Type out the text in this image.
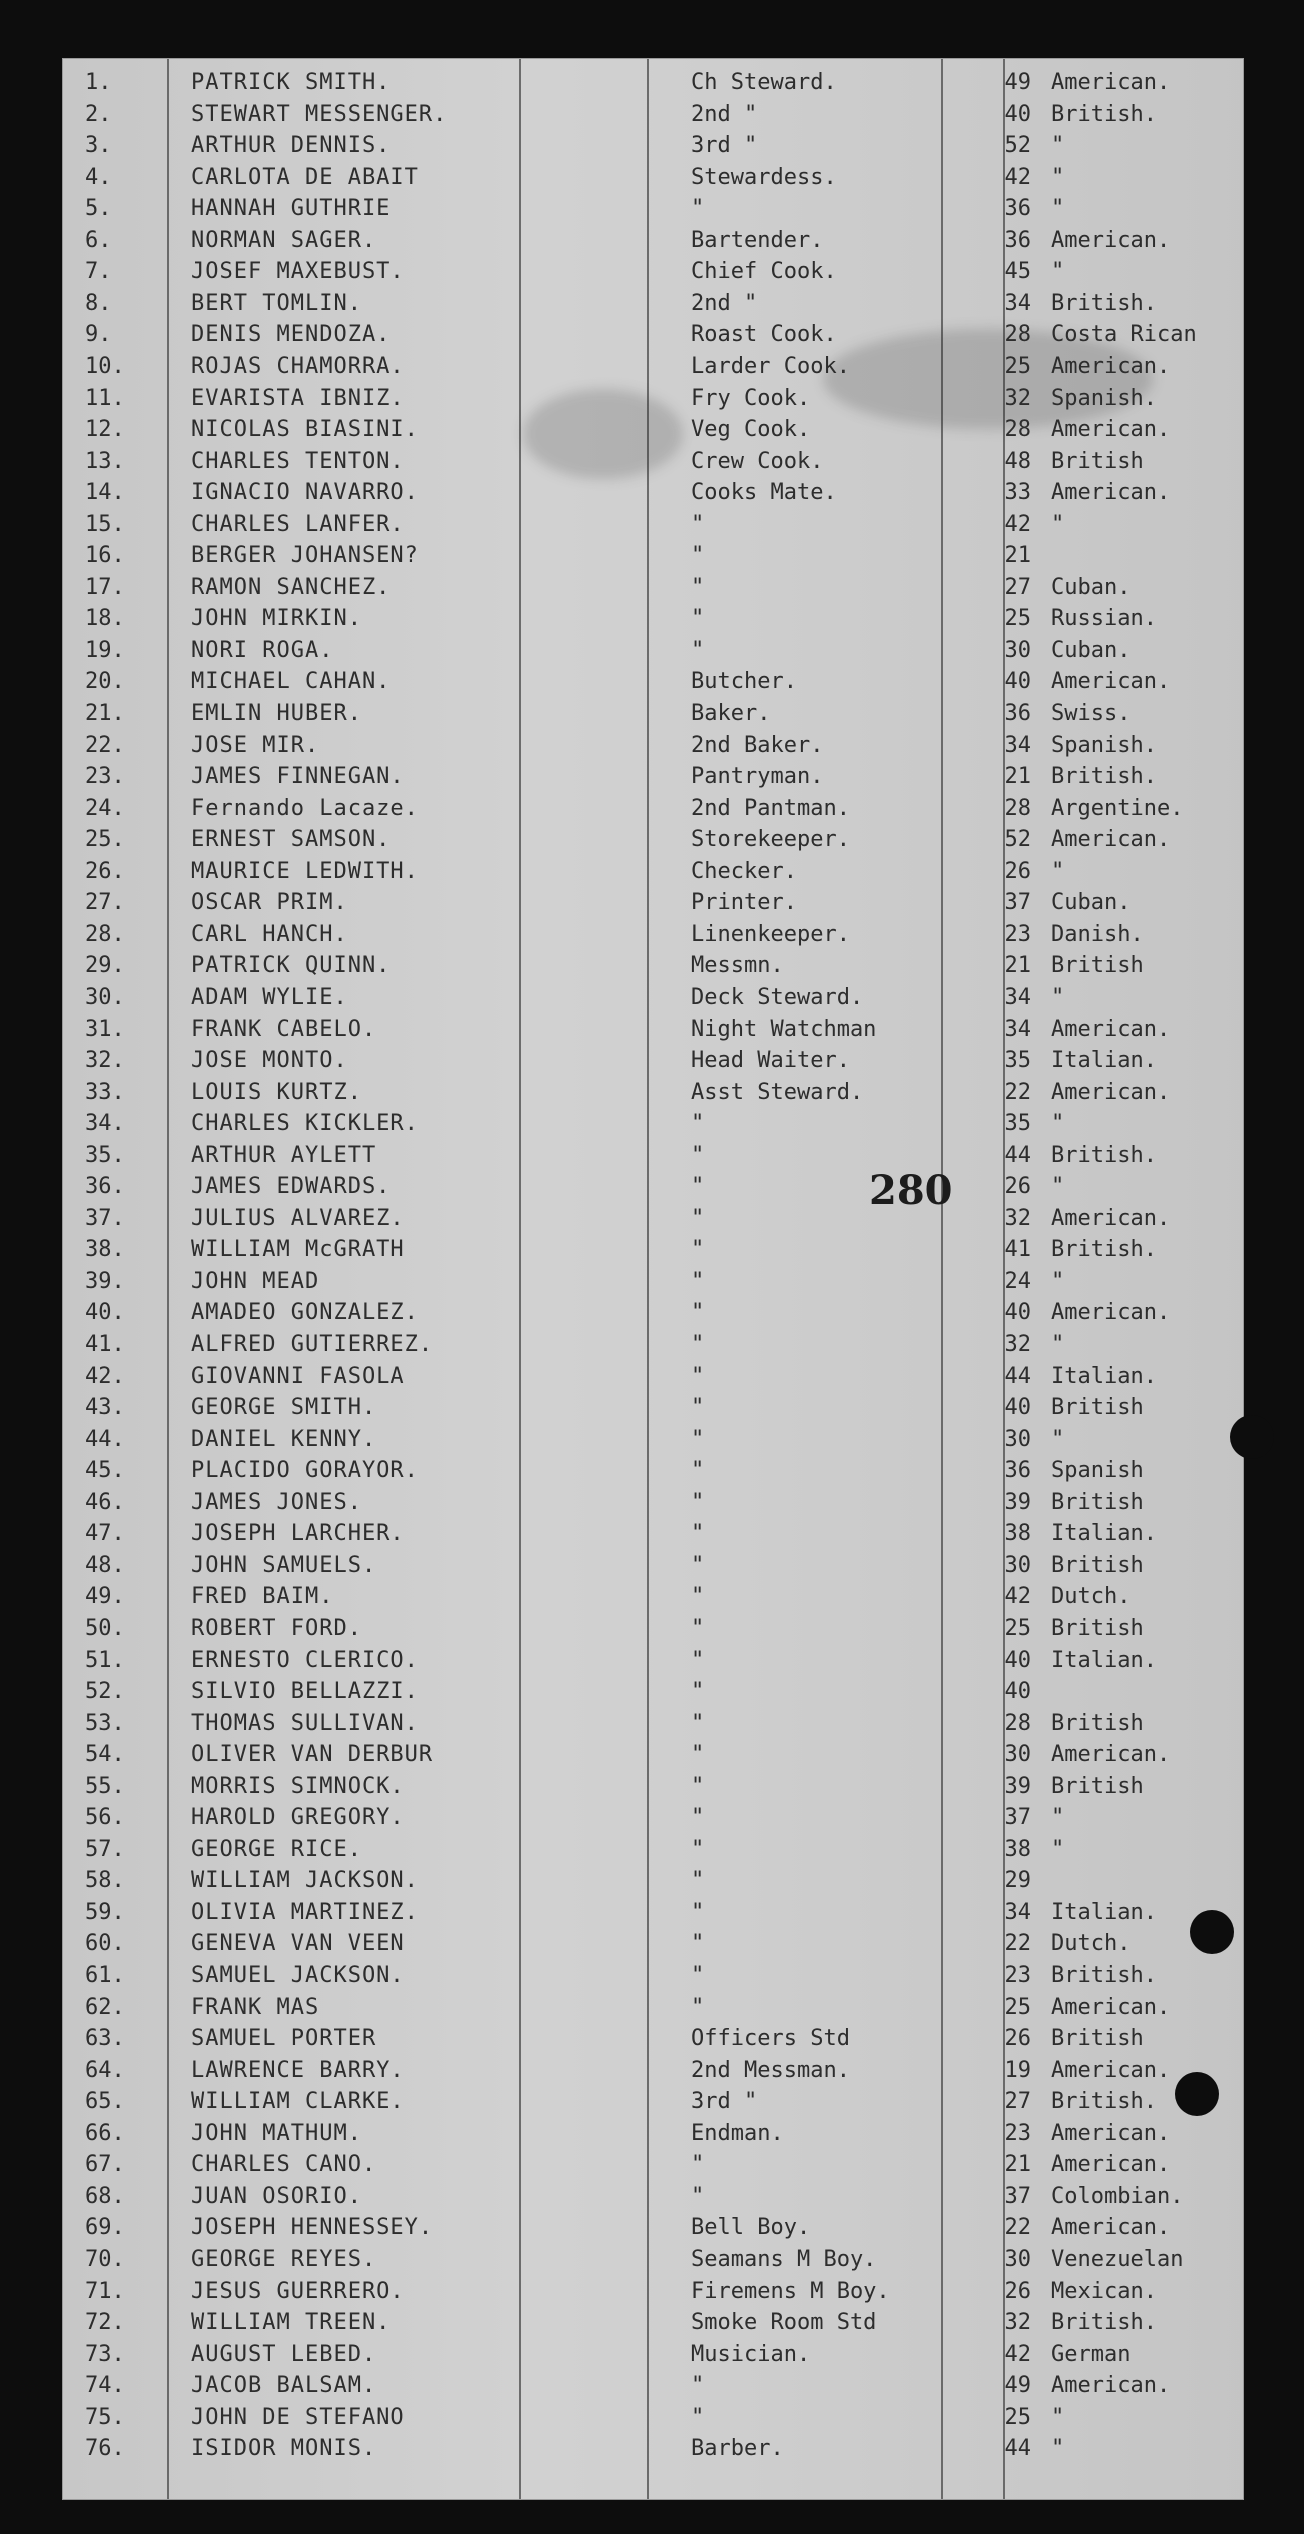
1.	PATRICK SMITH.	Ch Steward.	49 American.
2.	STEWART MESSENGER.	2nd "	40 British.
3.	ARTHUR DENNIS.	3rd "	52 "
4.	CARLOTA DE ABAIT	Stewardess.	42 "
5.	HANNAH GUTHRIE	"	36 "
6.	NORMAN SAGER.	Bartender.	36 American.
7.	JOSEF MAXEBUST.	Chief Cook.	45 "
8.	BERT TOMLIN.	2nd "	34 British.
9.	DENIS MENDOZA.	Roast Cook.	28 Costa Rican
10.	ROJAS CHAMORRA.	Larder Cook.	25 American.
11.	EVARISTA IBNIZ.	Fry Cook.	32 Spanish.
12.	NICOLAS BIASINI.	Veg Cook.	28 American.
13.	CHARLES TENTON.	Crew Cook.	48 British
14.	IGNACIO NAVARRO.	Cooks Mate.	33 American.
15.	CHARLES LANFER.	"	42 "
16.	BERGER JOHANSEN?	"	21
17.	RAMON SANCHEZ.	"	27 Cuban.
18.	JOHN MIRKIN.	"	25 Russian.
19.	NORI ROGA.	"	30 Cuban.
20.	MICHAEL CAHAN.	Butcher.	40 American.
21.	EMLIN HUBER.	Baker.	36 Swiss.
22.	JOSE MIR.	2nd Baker.	34 Spanish.
23.	JAMES FINNEGAN.	Pantryman.	21 British.
24.	Fernando Lacaze.	2nd Pantman.	28 Argentine.
25.	ERNEST SAMSON.	Storekeeper.	52 American.
26.	MAURICE LEDWITH.	Checker.	26 "
27.	OSCAR PRIM.	Printer.	37 Cuban.
28.	CARL HANCH.	Linenkeeper.	23 Danish.
29.	PATRICK QUINN.	Messmn.	21 British
30.	ADAM WYLIE.	Deck Steward.	34 "
31.	FRANK CABELO.	Night Watchman	34 American.
32.	JOSE MONTO.	Head Waiter.	35 Italian.
33.	LOUIS KURTZ.	Asst Steward.	22 American.
34.	CHARLES KICKLER.	"	35 "
35.	ARTHUR AYLETT	"	44 British.
36.	JAMES EDWARDS.	"	26 "
37.	JULIUS ALVAREZ.	"	32 American.
38.	WILLIAM McGRATH	"	41 British.
39.	JOHN MEAD	"	24 "
40.	AMADEO GONZALEZ.	"	40 American.
41.	ALFRED GUTIERREZ.	"	32 "
42.	GIOVANNI FASOLA	"	44 Italian.
43.	GEORGE SMITH.	"	40 British
44.	DANIEL KENNY.	"	30 "
45.	PLACIDO GORAYOR.	"	36 Spanish
46.	JAMES JONES.	"	39 British
47.	JOSEPH LARCHER.	"	38 Italian.
48.	JOHN SAMUELS.	"	30 British
49.	FRED BAIM.	"	42 Dutch.
50.	ROBERT FORD.	"	25 British
51.	ERNESTO CLERICO.	"	40 Italian.
52.	SILVIO BELLAZZI.	"	40
53.	THOMAS SULLIVAN.	"	28 British
54.	OLIVER VAN DERBUR	"	30 American.
55.	MORRIS SIMNOCK.	"	39 British
56.	HAROLD GREGORY.	"	37 "
57.	GEORGE RICE.	"	38 "
58.	WILLIAM JACKSON.	"	29
59.	OLIVIA MARTINEZ.	"	34 Italian.
60.	GENEVA VAN VEEN	"	22 Dutch.
61.	SAMUEL JACKSON.	"	23 British.
62.	FRANK MAS	"	25 American.
63.	SAMUEL PORTER	Officers Std	26 British
64.	LAWRENCE BARRY.	2nd Messman.	19 American.
65.	WILLIAM CLARKE.	3rd "	27 British.
66.	JOHN MATHUM.	Endman.	23 American.
67.	CHARLES CANO.	"	21 American.
68.	JUAN OSORIO.	"	37 Colombian.
69.	JOSEPH HENNESSEY.	Bell Boy.	22 American.
70.	GEORGE REYES.	Seamans M Boy.	30 Venezuelan
71.	JESUS GUERRERO.	Firemens M Boy.	26 Mexican.
72.	WILLIAM TREEN.	Smoke Room Std	32 British.
73.	AUGUST LEBED.	Musician.	42 German
74.	JACOB BALSAM.	"	49 American.
75.	JOHN DE STEFANO	"	25 "
76.	ISIDOR MONIS.	Barber.	44 "
280
